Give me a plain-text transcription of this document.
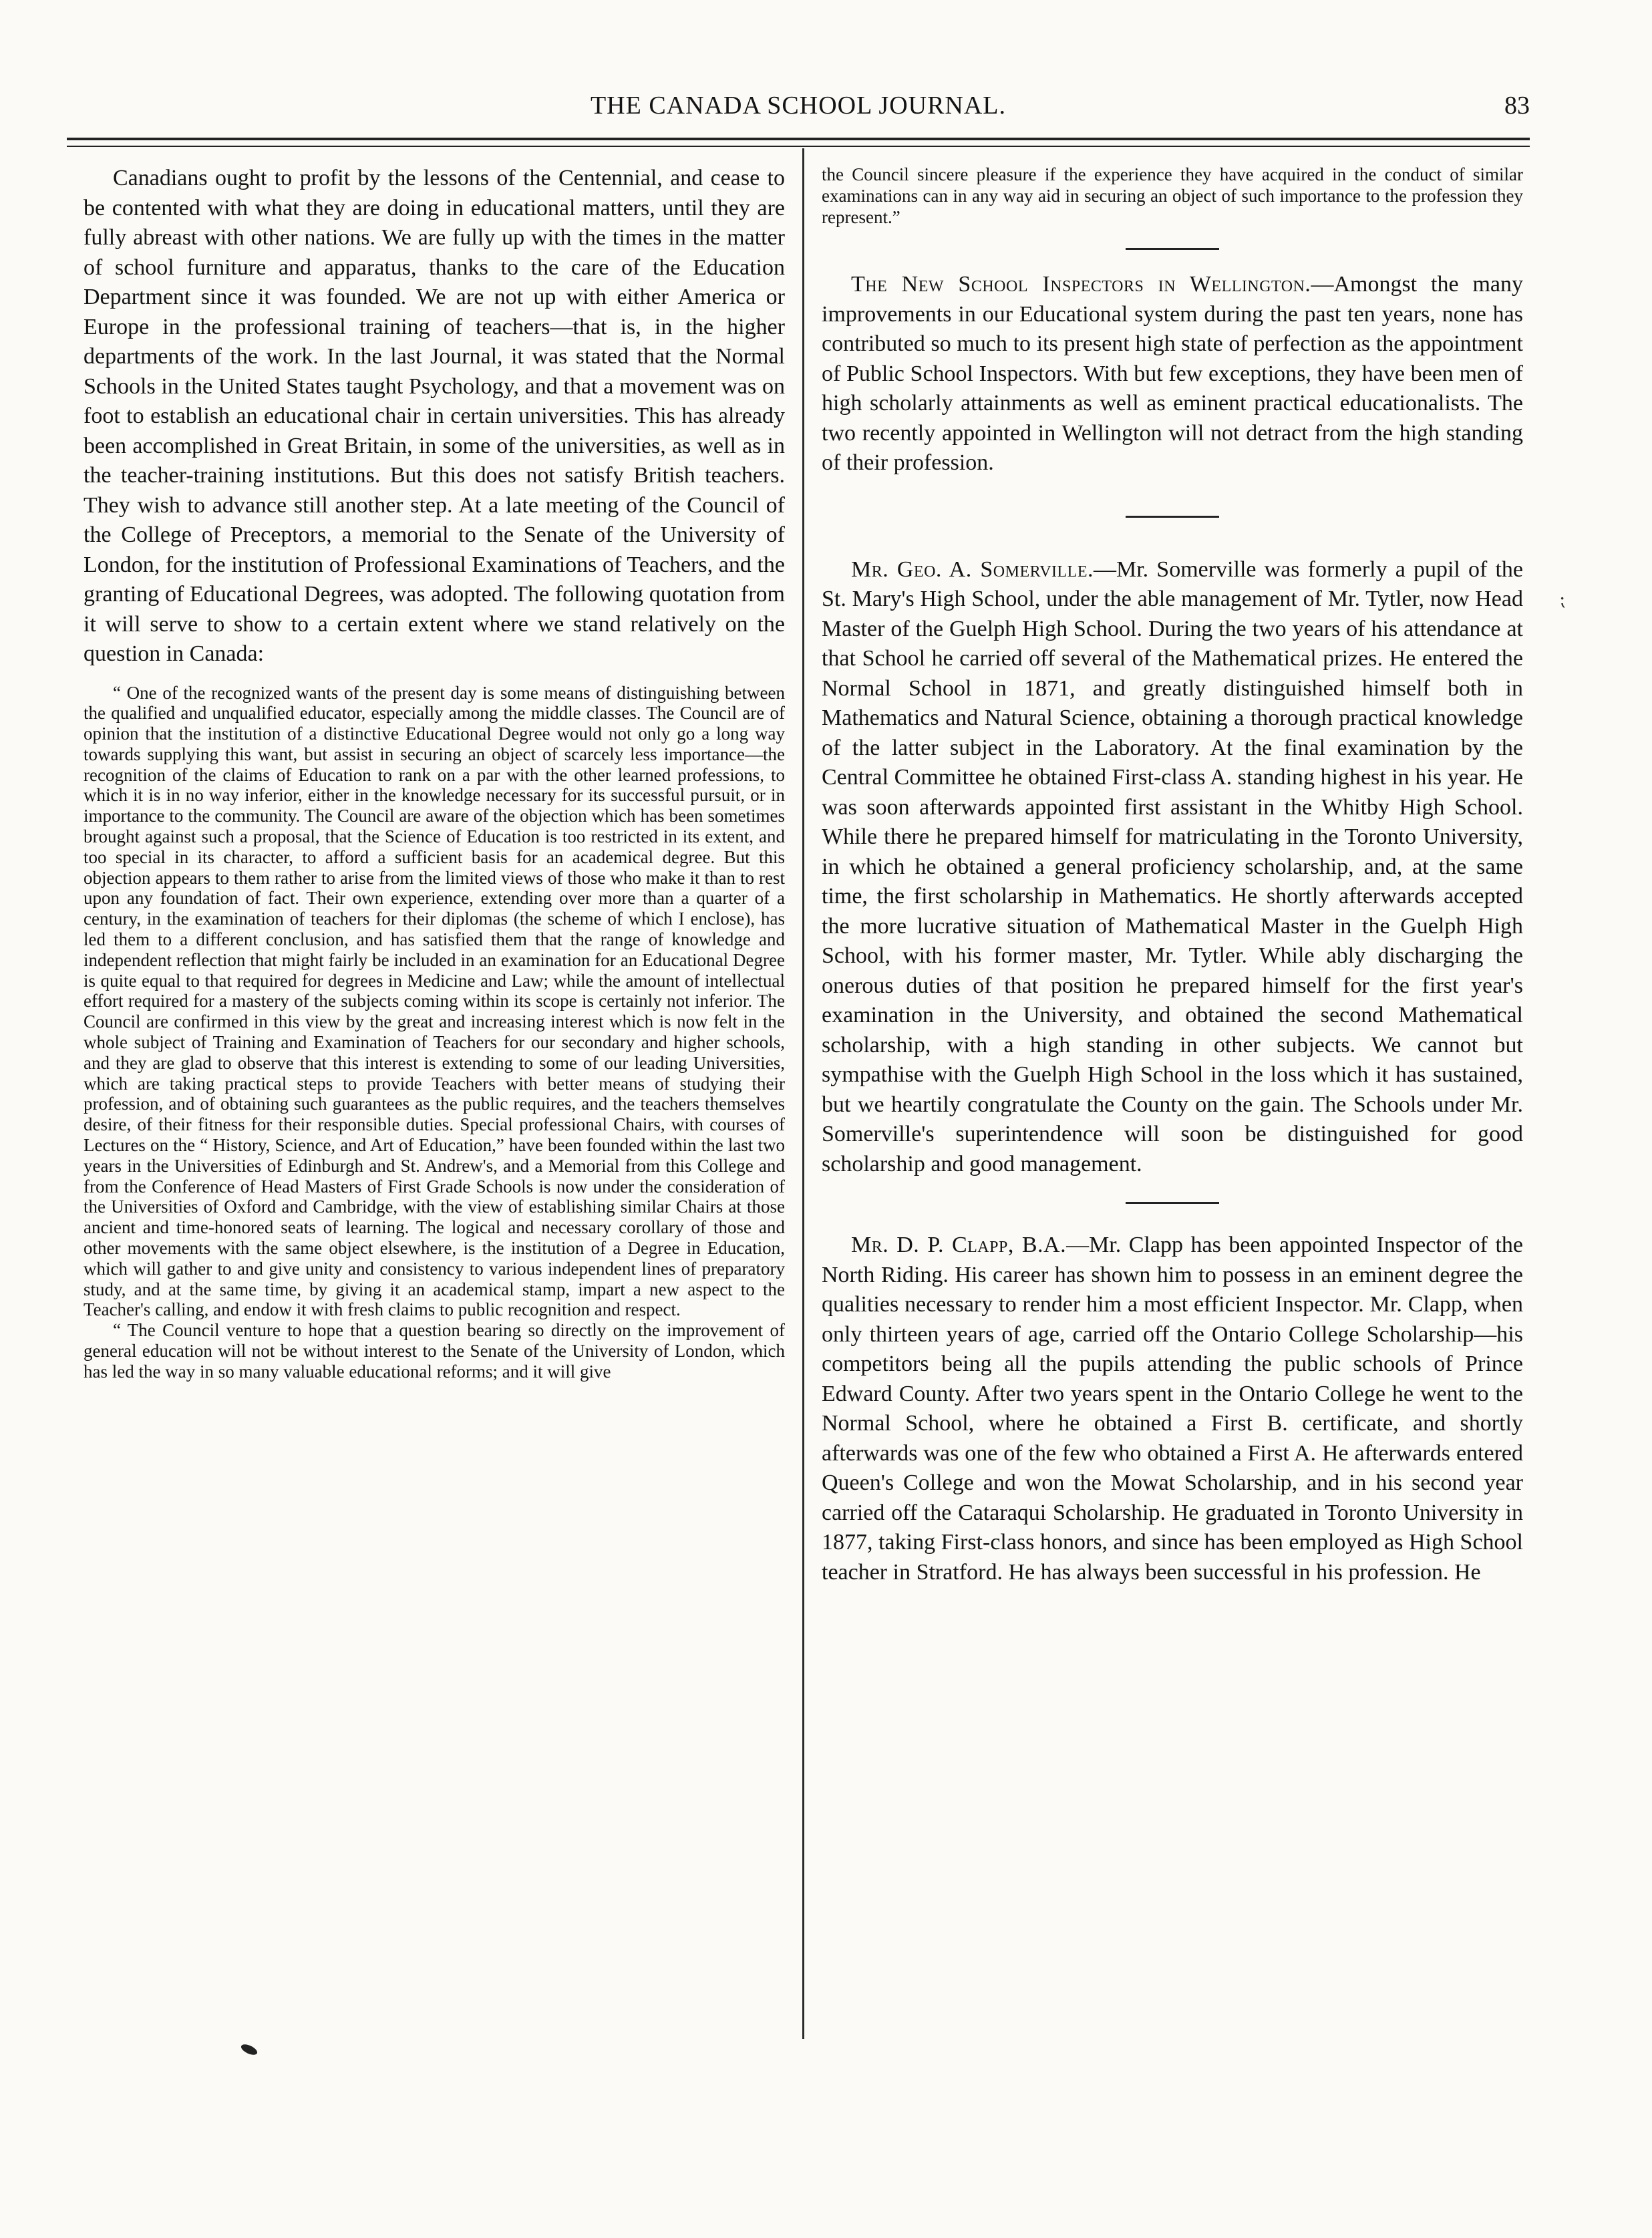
THE CANADA SCHOOL JOURNAL.	83

Canadians ought to profit by the lessons of the Centennial, and cease to be contented with what they are doing in educational matters, until they are fully abreast with other nations. We are fully up with the times in the matter of school furniture and apparatus, thanks to the care of the Education Department since it was founded. We are not up with either America or Europe in the professional training of teachers—that is, in the higher departments of the work. In the last Journal, it was stated that the Normal Schools in the United States taught Psychology, and that a movement was on foot to establish an educational chair in certain universities. This has already been accomplished in Great Britain, in some of the universities, as well as in the teacher-training institutions. But this does not satisfy British teachers. They wish to advance still another step. At a late meeting of the Council of the College of Preceptors, a memorial to the Senate of the University of London, for the institution of Professional Examinations of Teachers, and the granting of Educational Degrees, was adopted. The following quotation from it will serve to show to a certain extent where we stand relatively on the question in Canada:

“ One of the recognized wants of the present day is some means of distinguishing between the qualified and unqualified educator, especially among the middle classes. The Council are of opinion that the institution of a distinctive Educational Degree would not only go a long way towards supplying this want, but assist in securing an object of scarcely less importance—the recognition of the claims of Education to rank on a par with the other learned professions, to which it is in no way inferior, either in the knowledge necessary for its successful pursuit, or in importance to the community. The Council are aware of the objection which has been sometimes brought against such a proposal, that the Science of Education is too restricted in its extent, and too special in its character, to afford a sufficient basis for an academical degree. But this objection appears to them rather to arise from the limited views of those who make it than to rest upon any foundation of fact. Their own experience, extending over more than a quarter of a century, in the examination of teachers for their diplomas (the scheme of which I enclose), has led them to a different conclusion, and has satisfied them that the range of knowledge and independent reflection that might fairly be included in an examination for an Educational Degree is quite equal to that required for degrees in Medicine and Law; while the amount of intellectual effort required for a mastery of the subjects coming within its scope is certainly not inferior. The Council are confirmed in this view by the great and increasing interest which is now felt in the whole subject of Training and Examination of Teachers for our secondary and higher schools, and they are glad to observe that this interest is extending to some of our leading Universities, which are taking practical steps to provide Teachers with better means of studying their profession, and of obtaining such guarantees as the public requires, and the teachers themselves desire, of their fitness for their responsible duties. Special professional Chairs, with courses of Lectures on the “ History, Science, and Art of Education,” have been founded within the last two years in the Universities of Edinburgh and St. Andrew's, and a Memorial from this College and from the Conference of Head Masters of First Grade Schools is now under the consideration of the Universities of Oxford and Cambridge, with the view of establishing similar Chairs at those ancient and time-honored seats of learning. The logical and necessary corollary of those and other movements with the same object elsewhere, is the institution of a Degree in Education, which will gather to and give unity and consistency to various independent lines of preparatory study, and at the same time, by giving it an academical stamp, impart a new aspect to the Teacher's calling, and endow it with fresh claims to public recognition and respect.

“ The Council venture to hope that a question bearing so directly on the improvement of general education will not be without interest to the Senate of the University of London, which has led the way in so many valuable educational reforms; and it will give

the Council sincere pleasure if the experience they have acquired in the conduct of similar examinations can in any way aid in securing an object of such importance to the profession they represent.”

The New School Inspectors in Wellington.—Amongst the many improvements in our Educational system during the past ten years, none has contributed so much to its present high state of perfection as the appointment of Public School Inspectors. With but few exceptions, they have been men of high scholarly attainments as well as eminent practical educationalists. The two recently appointed in Wellington will not detract from the high standing of their profession.

Mr. Geo. A. Somerville.—Mr. Somerville was formerly a pupil of the St. Mary's High School, under the able management of Mr. Tytler, now Head Master of the Guelph High School. During the two years of his attendance at that School he carried off several of the Mathematical prizes. He entered the Normal School in 1871, and greatly distinguished himself both in Mathematics and Natural Science, obtaining a thorough practical knowledge of the latter subject in the Laboratory. At the final examination by the Central Committee he obtained First-class A. standing highest in his year. He was soon afterwards appointed first assistant in the Whitby High School. While there he prepared himself for matriculating in the Toronto University, in which he obtained a general proficiency scholarship, and, at the same time, the first scholarship in Mathematics. He shortly afterwards accepted the more lucrative situation of Mathematical Master in the Guelph High School, with his former master, Mr. Tytler. While ably discharging the onerous duties of that position he prepared himself for the first year's examination in the University, and obtained the second Mathematical scholarship, with a high standing in other subjects. We cannot but sympathise with the Guelph High School in the loss which it has sustained, but we heartily congratulate the County on the gain. The Schools under Mr. Somerville's superintendence will soon be distinguished for good scholarship and good management.

Mr. D. P. Clapp, B.A.—Mr. Clapp has been appointed Inspector of the North Riding. His career has shown him to possess in an eminent degree the qualities necessary to render him a most efficient Inspector. Mr. Clapp, when only thirteen years of age, carried off the Ontario College Scholarship—his competitors being all the pupils attending the public schools of Prince Edward County. After two years spent in the Ontario College he went to the Normal School, where he obtained a First B. certificate, and shortly afterwards was one of the few who obtained a First A. He afterwards entered Queen's College and won the Mowat Scholarship, and in his second year carried off the Cataraqui Scholarship. He graduated in Toronto University in 1877, taking First-class honors, and since has been employed as High School teacher in Stratford. He has always been successful in his profession. He

⁏
